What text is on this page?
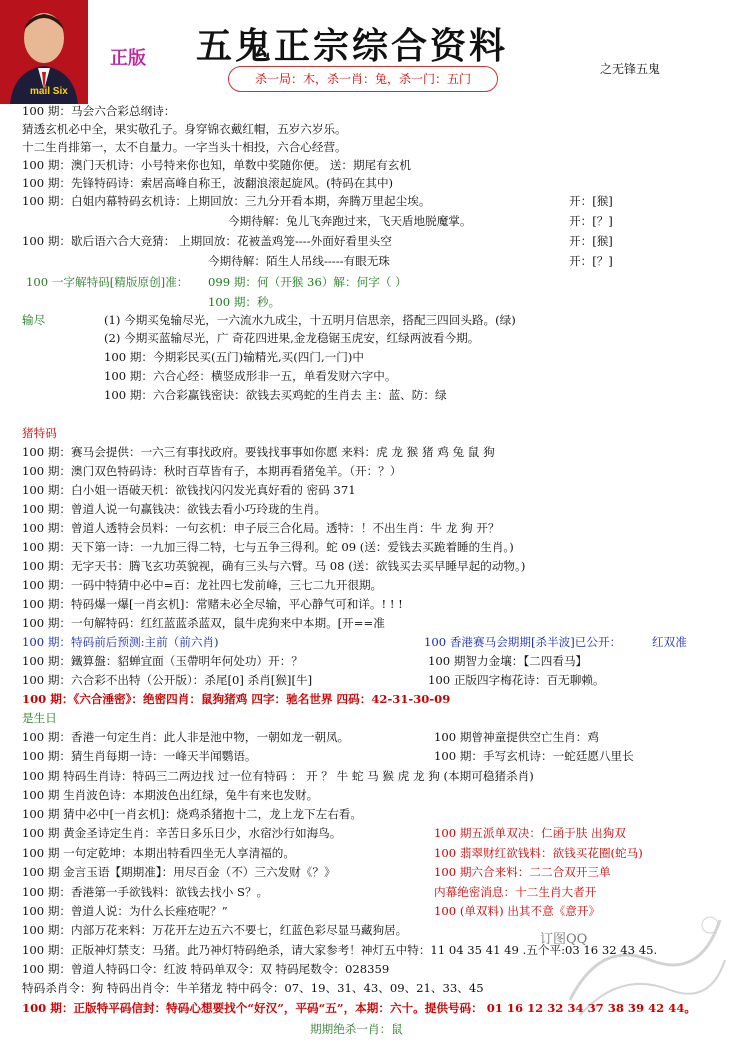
mail Six
正版 五鬼正宗综合资料
之无锋五鬼
杀一局：木，杀一肖：兔，杀一门：五门
订图QQ
100 期：马会六合彩总纲诗：
猜透玄机必中全，果实敬孔子。身穿锦衣戴红帽，五岁六岁乐。
十二生肖排第一，太不自量力。一字当头十相投，六合心经营。
100 期：澳门天机诗：小号特来你也知，单数中奖随你便。 送：期尾有玄机
100 期：先锋特码诗：索居高峰自称王，波翻浪滚起旋风。(特码在其中)
100 期：白姐内幕特码玄机诗：上期回放：三九分开看本期，奔腾万里起尘埃。	开：[猴]
今期待解：兔儿飞奔跑过来，飞天盾地脱魔掌。	开：[？]
100 期：歇后语六合大竞猜： 上期回放：花被盖鸡笼----外面好看里头空	开：[猴]
今期待解：陌生人吊线-----有眼无珠	开：[？]
100 一字解特码[精版原创]准： 099 期：何（开猴 36）解：何字（ ）
100 期：秒。
输尽	(1) 今期买兔输尽光，一六流水九成尘，十五明月信思亲，搭配三四回头路。(绿)
(2) 今期买蓝输尽光，广 奇花四进果,金龙稳锯玉虎安，红绿两波看今期。
100 期：今期彩民买(五门)输精光,买(四门,一门)中
100 期：六合心经：横竖成形非一五，单看发财六字中。
100 期：六合彩赢钱密诀：欲钱去买鸡蛇的生肖去 主：蓝、防：绿
猪特码
100 期：赛马会提供：一六三有事找政府。要钱找事事如你愿 来料：虎 龙 猴 猪 鸡 兔 鼠 狗
100 期：澳门双色特码诗：秋时百草皆有子，本期再看猪兔羊。（开：？）
100 期：白小姐一语破天机：欲钱找闪闪发光真好看的 密码 371
100 期：曾道人说一句赢钱决：欲钱去看小巧玲珑的生肖。
100 期：曾道人透特会员料：一句玄机：申子辰三合化局。透特：！不出生肖：牛 龙 狗 开？
100 期：天下第一诗：一九加三得二特，七与五争三得利。蛇 09 (送：爱钱去买跪着睡的生肖。)
100 期：无字天书：腾飞玄功英貌视，确有三头与六臂。马 08 (送：欲钱买去买早睡早起的动物。)
100 期：一码中特猜中必中=百：龙社四七发前峰，三七二九开很期。
100 期：特码爆一爆[一肖玄机]：常赌未必全尽输，平心静气可和详。! ! !
100 期：一句解特码：红红蓝蓝杀蓝双，鼠牛虎狗来中本期。[开==准
100 期：特码前后预测:主前（前六肖)	100 香港赛马会期期[杀半波]已公开：	红双准
100 期：鐵算盤：貂蝉宜面（玉帶明年何处功）开：？	100 期智力金壤：【二四看马】
100 期：六合彩不出特（公开版）：杀尾[0] 杀肖[猴][牛]	100 正版四字梅花诗：百无聊赖。
100 期：《六合涶密》：绝密四肖：鼠狗猪鸡 四字：驰名世界 四码：42-31-30-09
是生日
100 期：香港一句定生肖：此人非是池中物，一朝如龙一朝凤。	100 期曾神童提供空亡生肖：鸡
100 期：猜生肖每期一诗：一峰天半闻鹦语。	100 期：手写玄机诗：一蛇廷愿八里长
100 期 特码生肖诗：特码三二两边找 过一位有特码 ： 开 ？ 牛 蛇 马 猴 虎 龙 狗 (本期可稳猪杀肖)
100 期 生肖波色诗：本期波色出红绿，兔牛有来也发财。
100 期 猜中必中[一肖玄机]：烧鸡杀猪抱十二，龙上龙下左右看。
100 期 黄金圣诗定生肖：辛苦日多乐日少，水宿沙行如海鸟。	100 期五派单双决：仁函于肤 出狗双
100 期 一句定乾坤：本期出特看四坐无人享清福的。	100 翡翠财红欲钱料：欲钱买花圈(蛇马)
100 期 金言玉语【期期准】：用尽百金（不）三六发财《？》	100 期六合来料：二二合双开三单
100 期：香港第一手欲钱料：欲钱去找小 S？。	内幕绝密消息：十二生肖大者开
100 期：曾道人说：为什么长痤疮呢？”	100 (单双料) 出其不意《意开》
100 期：内部万花来料：万花开左边五六不要七，红蓝色彩尽显马藏狗居。
100 期：正版神灯禁支：马猪。此乃神灯特码绝杀，请大家参考！神灯五中特：11 04 35 41 49 .五个平:03 16 32 43 45.
100 期：曾道人特码口令：红波 特码单双令：双 特码尾数令：028359
特码杀肖令：狗 特码出肖令：牛羊猪龙 特中码令：07、19、31、43、09、21、33、45
100 期：正版特平码信封：特码心想要找个“好汉”，平码“五”，本期：六十。提供号码： 01 16 12 32 34 37 38 39 42 44。
期期绝杀一肖：鼠
